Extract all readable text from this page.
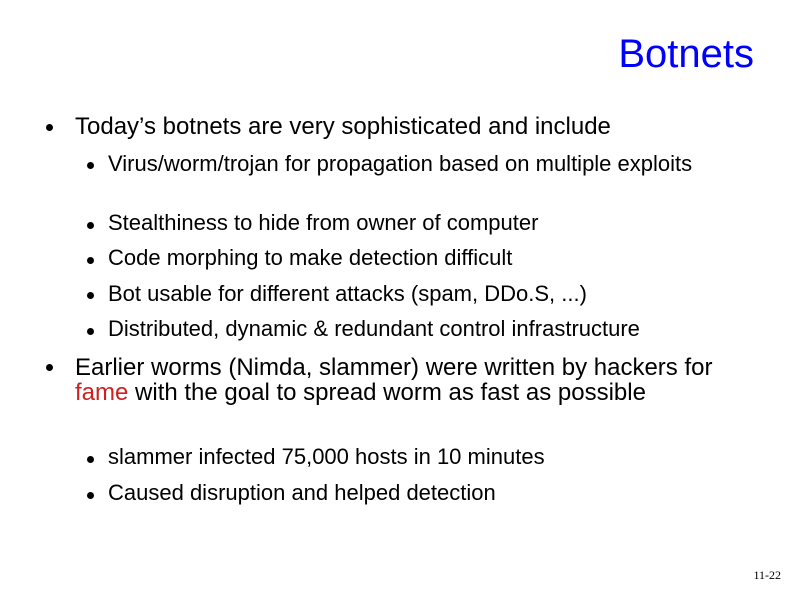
Botnets
Today’s botnets are very sophisticated and include
Virus/worm/trojan for propagation based on multiple exploits
Stealthiness to hide from owner of computer
Code morphing to make detection difficult
Bot usable for different attacks (spam, DDo.S, ...)
Distributed, dynamic & redundant control infrastructure
Earlier worms (Nimda, slammer) were written by hackers for fame with the goal to spread worm as fast as possible
slammer infected 75,000 hosts in 10 minutes
Caused disruption and helped detection
11-22
